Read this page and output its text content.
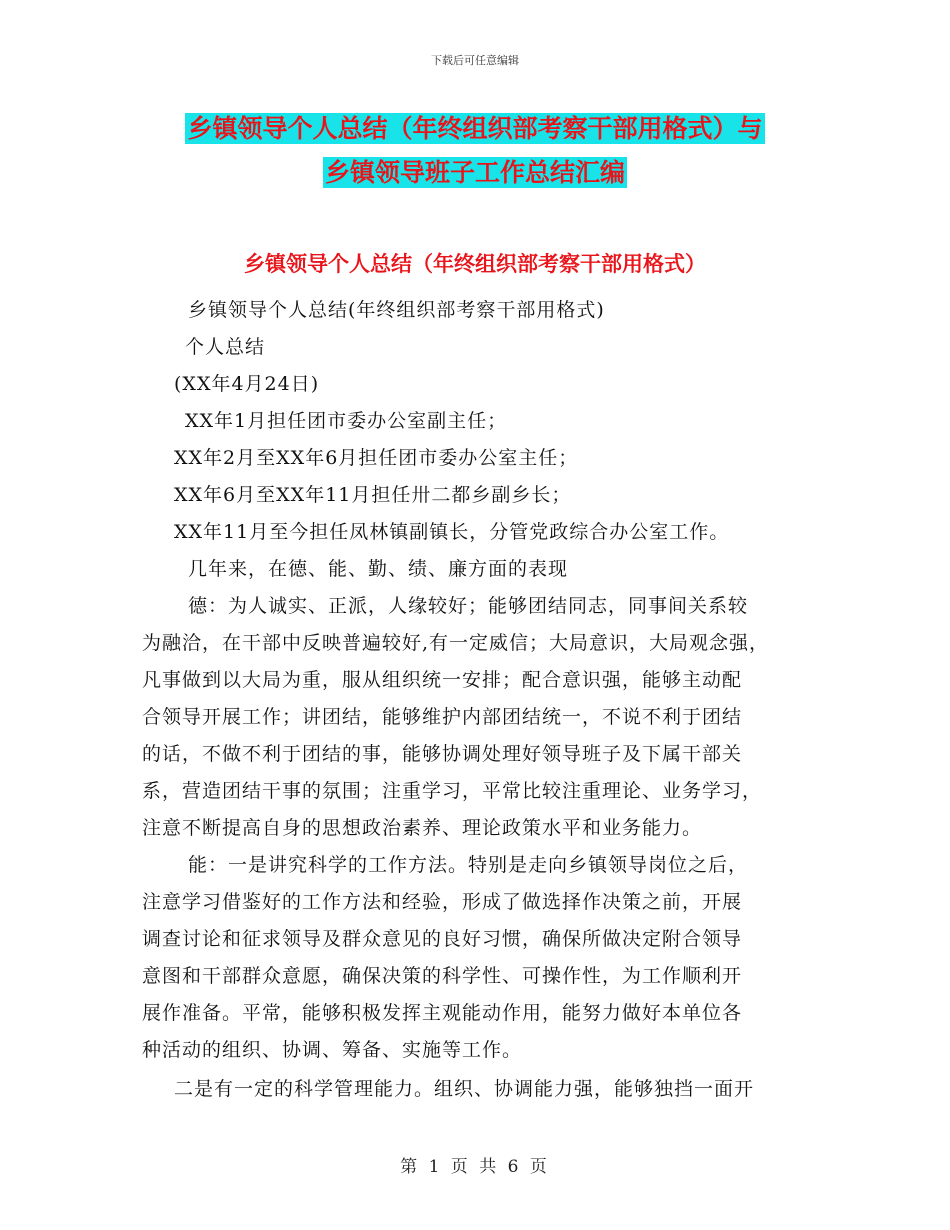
下载后可任意编辑
乡镇领导个人总结（年终组织部考察干部用格式）与
乡镇领导班子工作总结汇编
乡镇领导个人总结（年终组织部考察干部用格式）
乡镇领导个人总结(年终组织部考察干部用格式)
个人总结
(XX年4月24日)
XX年1月担任团市委办公室副主任；
XX年2月至XX年6月担任团市委办公室主任；
XX年6月至XX年11月担任卅二都乡副乡长；
XX年11月至今担任凤林镇副镇长，分管党政综合办公室工作。
几年来，在德、能、勤、绩、廉方面的表现
德：为人诚实、正派，人缘较好；能够团结同志，同事间关系较
为融洽，在干部中反映普遍较好,有一定威信；大局意识，大局观念强，
凡事做到以大局为重，服从组织统一安排；配合意识强，能够主动配
合领导开展工作；讲团结，能够维护内部团结统一，不说不利于团结
的话，不做不利于团结的事，能够协调处理好领导班子及下属干部关
系，营造团结干事的氛围；注重学习，平常比较注重理论、业务学习，
注意不断提高自身的思想政治素养、理论政策水平和业务能力。
能：一是讲究科学的工作方法。特别是走向乡镇领导岗位之后，
注意学习借鉴好的工作方法和经验，形成了做选择作决策之前，开展
调查讨论和征求领导及群众意见的良好习惯，确保所做决定附合领导
意图和干部群众意愿，确保决策的科学性、可操作性，为工作顺利开
展作准备。平常，能够积极发挥主观能动作用，能努力做好本单位各
种活动的组织、协调、筹备、实施等工作。
二是有一定的科学管理能力。组织、协调能力强，能够独挡一面开
第 1 页 共 6 页
